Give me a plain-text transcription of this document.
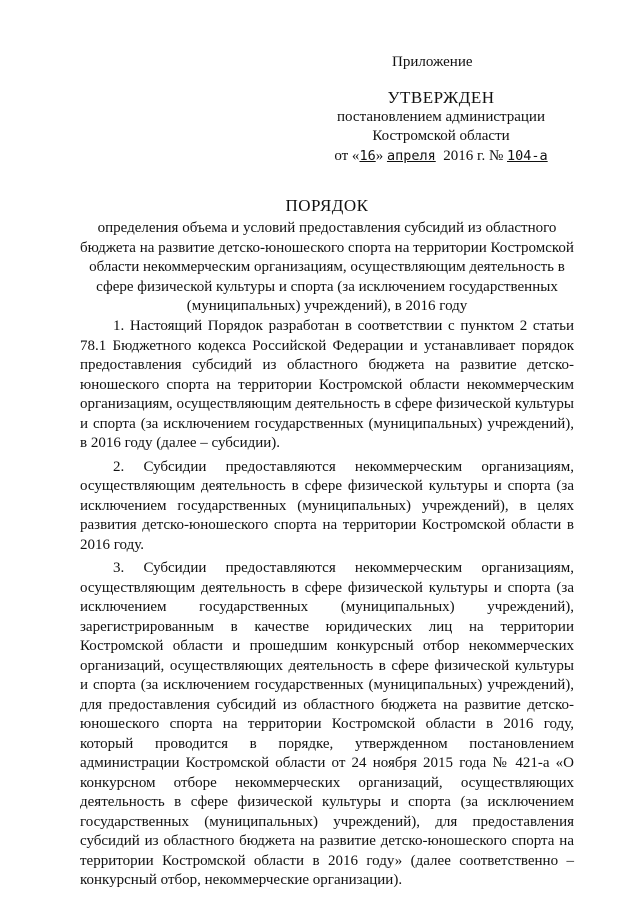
Приложение
УТВЕРЖДЕН
постановлением администрации
Костромской области
от «16» апреля 2016 г. № 104-а
ПОРЯДОК
определения объема и условий предоставления субсидий из областного бюджета на развитие детско-юношеского спорта на территории Костромской области некоммерческим организациям, осуществляющим деятельность в сфере физической культуры и спорта (за исключением государственных (муниципальных) учреждений), в 2016 году

1. Настоящий Порядок разработан в соответствии с пунктом 2 статьи 78.1 Бюджетного кодекса Российской Федерации и устанавливает порядок предоставления субсидий из областного бюджета на развитие детско-юношеского спорта на территории Костромской области некоммерческим организациям, осуществляющим деятельность в сфере физической культуры и спорта (за исключением государственных (муниципальных) учреждений), в 2016 году (далее – субсидии).

2. Субсидии предоставляются некоммерческим организациям, осуществляющим деятельность в сфере физической культуры и спорта (за исключением государственных (муниципальных) учреждений), в целях развития детско-юношеского спорта на территории Костромской области в 2016 году.

3. Субсидии предоставляются некоммерческим организациям, осуществляющим деятельность в сфере физической культуры и спорта (за исключением государственных (муниципальных) учреждений), зарегистрированным в качестве юридических лиц на территории Костромской области и прошедшим конкурсный отбор некоммерческих организаций, осуществляющих деятельность в сфере физической культуры и спорта (за исключением государственных (муниципальных) учреждений), для предоставления субсидий из областного бюджета на развитие детско-юношеского спорта на территории Костромской области в 2016 году, который проводится в порядке, утвержденном постановлением администрации Костромской области от 24 ноября 2015 года № 421-а «О конкурсном отборе некоммерческих организаций, осуществляющих деятельность в сфере физической культуры и спорта (за исключением государственных (муниципальных) учреждений), для предоставления субсидий из областного бюджета на развитие детско-юношеского спорта на территории Костромской области в 2016 году» (далее соответственно – конкурсный отбор, некоммерческие организации).
